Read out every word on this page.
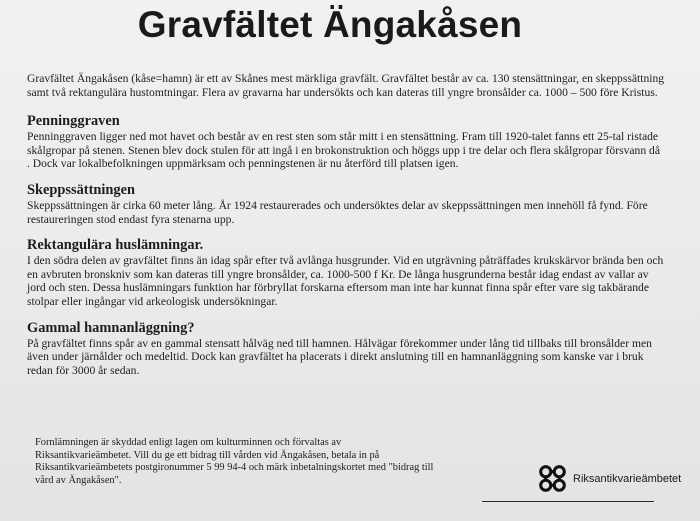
Gravfältet Ängakåsen

Gravfältet Ängakåsen (kåse=hamn) är ett av Skånes mest märkliga gravfält. Gravfältet består av ca. 130 stensättningar, en skeppssättning samt två rektangulära hustomtningar. Flera av gravarna har undersökts och kan dateras till yngre bronsålder ca. 1000 – 500 före Kristus.

Penninggraven

Penninggraven ligger ned mot havet och består av en rest sten som står mitt i en stensättning. Fram till 1920-talet fanns ett 25-tal ristade skålgropar på stenen. Stenen blev dock stulen för att ingå i en brokonstruktion och höggs upp i tre delar och flera skålgropar försvann då . Dock var lokalbefolkningen uppmärksam och penningstenen är nu återförd till platsen igen.

Skeppssättningen

Skeppssättningen är cirka 60 meter lång. År 1924 restaurerades och undersöktes delar av skeppssättningen men innehöll få fynd. Före restaureringen stod endast fyra stenarna upp.

Rektangulära huslämningar.

I den södra delen av gravfältet finns än idag spår efter två avlånga husgrunder. Vid en utgrävning påträffades krukskärvor brända ben och en avbruten bronskniv som kan dateras till yngre bronsålder, ca. 1000-500 f Kr. De långa husgrunderna består idag endast av vallar av jord och sten. Dessa huslämningars funktion har förbryllat forskarna eftersom man inte har kunnat finna spår efter vare sig takbärande stolpar eller ingångar vid arkeologisk undersökningar.

Gammal hamnanläggning?

På gravfältet finns spår av en gammal stensatt hålväg ned till hamnen. Hålvägar förekommer under lång tid tillbaks till bronsålder men även under järnålder och medeltid. Dock kan gravfältet ha placerats i direkt anslutning till en hamnanläggning som kanske var i bruk redan för 3000 år sedan.

Fornlämningen är skyddad enligt lagen om kulturminnen och förvaltas av Riksantikvarieämbetet. Vill du ge ett bidrag till vården vid Ängakåsen, betala in på Riksantikvarieämbetets postgironummer 5 99 94-4 och märk inbetalningskortet med "bidrag till vård av Ängakåsen".	Riksantikvarieämbetet
